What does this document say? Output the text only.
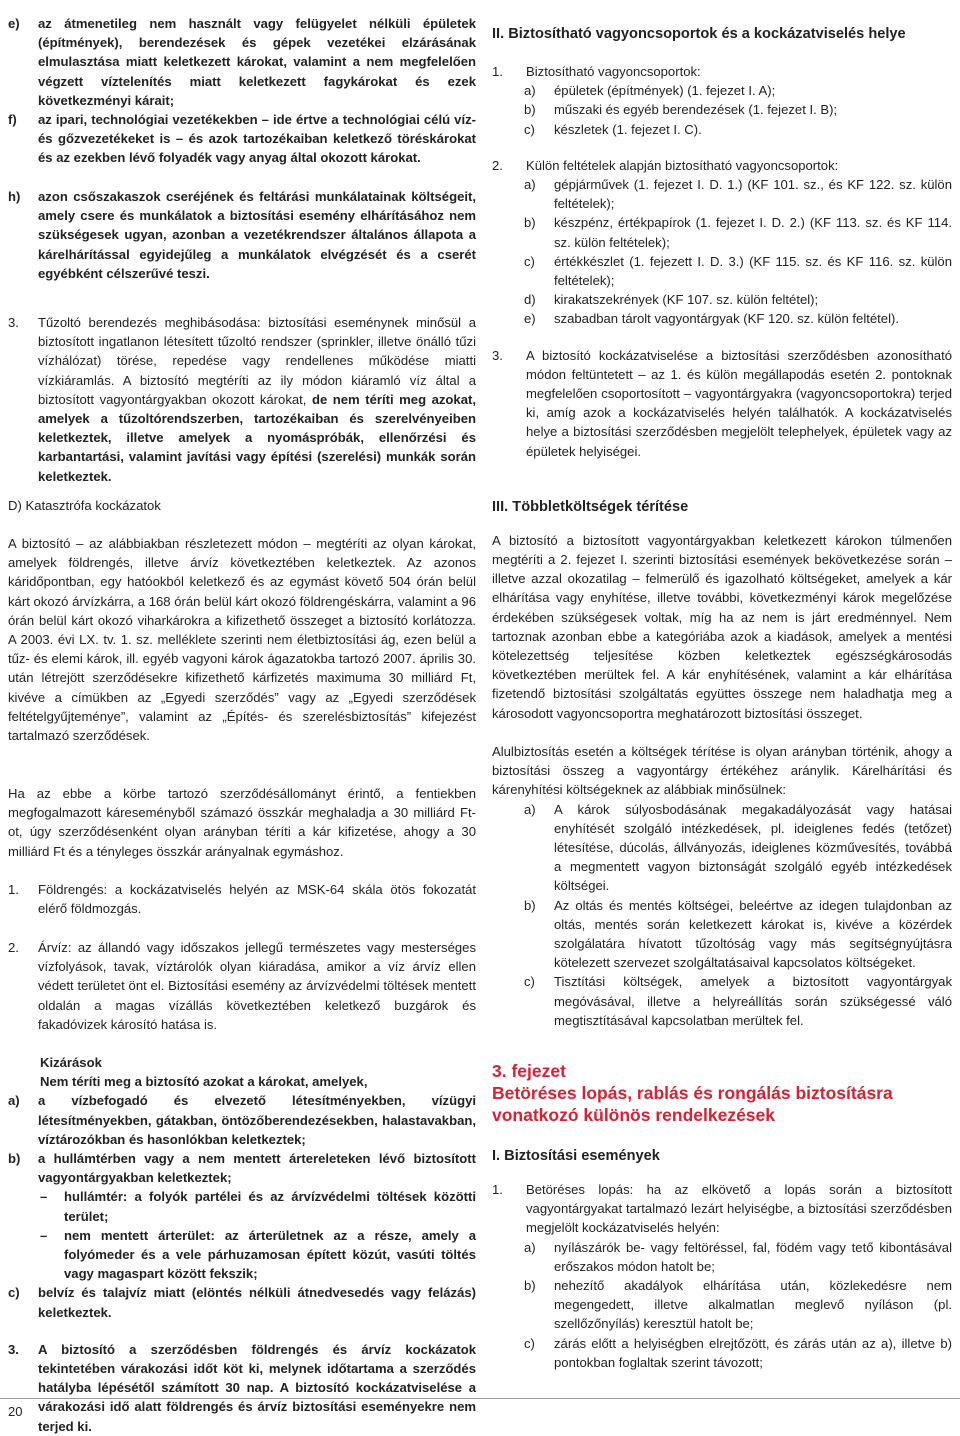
e)	az átmenetileg nem használt vagy felügyelet nélküli épületek (építmények), berendezések és gépek vezetékei elzárásának elmulasztása miatt keletkezett károkat, valamint a nem megfelelően végzett víztelenítés miatt keletkezett fagykárokat és ezek következményi kárait;
f)	az ipari, technológiai vezetékekben – ide értve a technológiai célú víz- és gőzvezetékeket is – és azok tartozékaiban keletkező töréskárokat és az ezekben lévő folyadék vagy anyag által okozott károkat.
h)	azon csőszakaszok cseréjének és feltárási munkálatainak költségeit, amely csere és munkálatok a biztosítási esemény elhárításához nem szükségesek ugyan, azonban a vezetékrendszer általános állapota a kárelhárítással egyidejűleg a munkálatok elvégzését és a cserét egyébként célszerűvé teszi.
3.	Tűzoltó berendezés meghibásodása: biztosítási eseménynek minősül a biztosított ingatlanon létesített tűzoltó rendszer (sprinkler, illetve önálló tűzi vízhálózat) törése, repedése vagy rendellenes működése miatti vízkiáramlás. A biztosító megtéríti az ily módon kiáramló víz által a biztosított vagyontárgyakban okozott károkat, de nem téríti meg azokat, amelyek a tűzoltórendszerben, tartozékaiban és szerelvényeiben keletkeztek, illetve amelyek a nyomáspróbák, ellenőrzési és karbantartási, valamint javítási vagy építési (szerelési) munkák során keletkeztek.

D) Katasztrófa kockázatok

A biztosító – az alábbiakban részletezett módon – megtéríti az olyan károkat, amelyek földrengés, illetve árvíz következtében keletkeztek. Az azonos káridőpontban, egy hatóokból keletkező és az egymást követő 504 órán belül kárt okozó árvízkárra, a 168 órán belül kárt okozó földrengéskárra, valamint a 96 órán belül kárt okozó viharkárokra a kifizethető összeget a biztosító korlátozza. A 2003. évi LX. tv. 1. sz. melléklete szerinti nem életbiztosítási ág, ezen belül a tűz- és elemi károk, ill. egyéb vagyoni károk ágazatokba tartozó 2007. április 30. után létrejött szerződésekre kifizethető kárfizetés maximuma 30 milliárd Ft, kivéve a címükben az „Egyedi szerződés” vagy az „Egyedi szerződések feltételgyűjteménye”, valamint az „Építés- és szerelésbiztosítás” kifejezést tartalmazó szerződések.

Ha az ebbe a körbe tartozó szerződésállományt érintő, a fentiekben megfogalmazott káreseményből számazó összkár meghaladja a 30 milliárd Ft-ot, úgy szerződésenként olyan arányban téríti a kár kifizetése, ahogy a 30 milliárd Ft és a tényleges összkár arányalnak egymáshoz.

1.	Földrengés: a kockázatviselés helyén az MSK-64 skála ötös fokozatát elérő földmozgás.
2.	Árvíz: az állandó vagy időszakos jellegű természetes vagy mesterséges vízfolyások, tavak, víztárolók olyan kiáradása, amikor a víz árvíz ellen védett területet önt el. Biztosítási esemény az árvízvédelmi töltések mentett oldalán a magas vízállás következtében keletkező buzgárok és fakadóvizek károsító hatása is.
Kizárások
Nem téríti meg a biztosító azokat a károkat, amelyek,
a)	a vízbefogadó és elvezető létesítményekben, vízügyi létesítményekben, gátakban, öntözőberendezésekben, halastavakban, víztározókban és hasonlókban keletkeztek;
b)	a hullámtérben vagy a nem mentett ártereleteken lévő biztosított vagyontárgyakban keletkeztek;
–	hullámtér: a folyók partélei és az árvízvédelmi töltések közötti terület;
–	nem mentett árterület: az árterületnek az a része, amely a folyómeder és a vele párhuzamosan épített közút, vasúti töltés vagy magaspart között fekszik;
c)	belvíz és talajvíz miatt (elöntés nélküli átnedvesedés vagy felázás) keletkeztek.
3.	A biztosító a szerződésben földrengés és árvíz kockázatok tekintetében várakozási időt köt ki, melynek időtartama a szerződés hatályba lépésétől számított 30 nap. A biztosító kockázatviselése a várakozási idő alatt földrengés és árvíz biztosítási eseményekre nem terjed ki.
II. Biztosítható vagyoncsoportok és a kockázatviselés helye
1.	Biztosítható vagyoncsoportok:
a)	épületek (építmények) (1. fejezet I. A);
b)	műszaki és egyéb berendezések (1. fejezet I. B);
c)	készletek (1. fejezet I. C).
2.	Külön feltételek alapján biztosítható vagyoncsoportok:
a)	gépjárművek (1. fejezet I. D. 1.) (KF 101. sz., és KF 122. sz. külön feltételek);
b)	készpénz, értékpapírok (1. fejezet I. D. 2.) (KF 113. sz. és KF 114. sz. külön feltételek);
c)	értékkészlet (1. fejezett I. D. 3.) (KF 115. sz. és KF 116. sz. külön feltételek);
d)	kirakatszekrények (KF 107. sz. külön feltétel);
e)	szabadban tárolt vagyontárgyak (KF 120. sz. külön feltétel).
3.	A biztosító kockázatviselése a biztosítási szerződésben azonosítható módon feltüntetett – az 1. és külön megállapodás esetén 2. pontoknak megfelelően csoportosított – vagyontárgyakra (vagyoncsoportokra) terjed ki, amíg azok a kockázatviselés helyén találhatók. A kockázatviselés helye a biztosítási szerződésben megjelölt telephelyek, épületek vagy az épületek helyiségei.
III. Többletköltségek térítése

A biztosító a biztosított vagyontárgyakban keletkezett károkon túlmenően megtéríti a 2. fejezet I. szerinti biztosítási események bekövetkezése során – illetve azzal okozatilag – felmerülő és igazolható költségeket, amelyek a kár elhárítása vagy enyhítése, illetve további, következményi károk megelőzése érdekében szükségesek voltak, míg ha az nem is járt eredménnyel. Nem tartoznak azonban ebbe a kategóriába azok a kiadások, amelyek a mentési kötelezettség teljesítése közben keletkeztek egészségkárosodás következtében merültek fel. A kár enyhítésének, valamint a kár elhárítása fizetendő biztosítási szolgáltatás együttes összege nem haladhatja meg a károsodott vagyoncsoportra meghatározott biztosítási összeget.

Alulbiztosítás esetén a költségek térítése is olyan arányban történik, ahogy a biztosítási összeg a vagyontárgy értékéhez aránylik. Kárelhárítási és kárenyhítési költségeknek az alábbiak minősülnek:

a)	A károk súlyosbodásának megakadályozását vagy hatásai enyhítését szolgáló intézkedések, pl. ideiglenes fedés (tetőzet) létesítése, dúcolás, állványozás, ideiglenes közművesítés, továbbá a megmentett vagyon biztonságát szolgáló egyéb intézkedések költségei.
b)	Az oltás és mentés költségei, beleértve az idegen tulajdonban az oltás, mentés során keletkezett károkat is, kivéve a közérdek szolgálatára hívatott tűzoltóság vagy más segítségnyújtásra kötelezett szervezet szolgáltatásaival kapcsolatos költségeket.
c)	Tisztítási költségek, amelyek a biztosított vagyontárgyak megóvásával, illetve a helyreállítás során szükségessé váló megtisztításával kapcsolatban merültek fel.
3. fejezet
Betöréses lopás, rablás és rongálás biztosításra vonatkozó különös rendelkezések
I. Biztosítási események
1.	Betöréses lopás: ha az elkövető a lopás során a biztosított vagyontárgyakat tartalmazó lezárt helyiségbe, a biztosítási szerződésben megjelölt kockázatviselés helyén:
a)	nyílászárók be- vagy feltöréssel, fal, födém vagy tető kibontásával erőszakos módon hatolt be;
b)	nehezítő akadályok elhárítása után, közlekedésre nem megengedett, illetve alkalmatlan meglevő nyíláson (pl. szellőzőnyílás) keresztül hatolt be;
c)	zárás előtt a helyiségben elrejtőzött, és zárás után az a), illetve b) pontokban foglaltak szerint távozott;
20
